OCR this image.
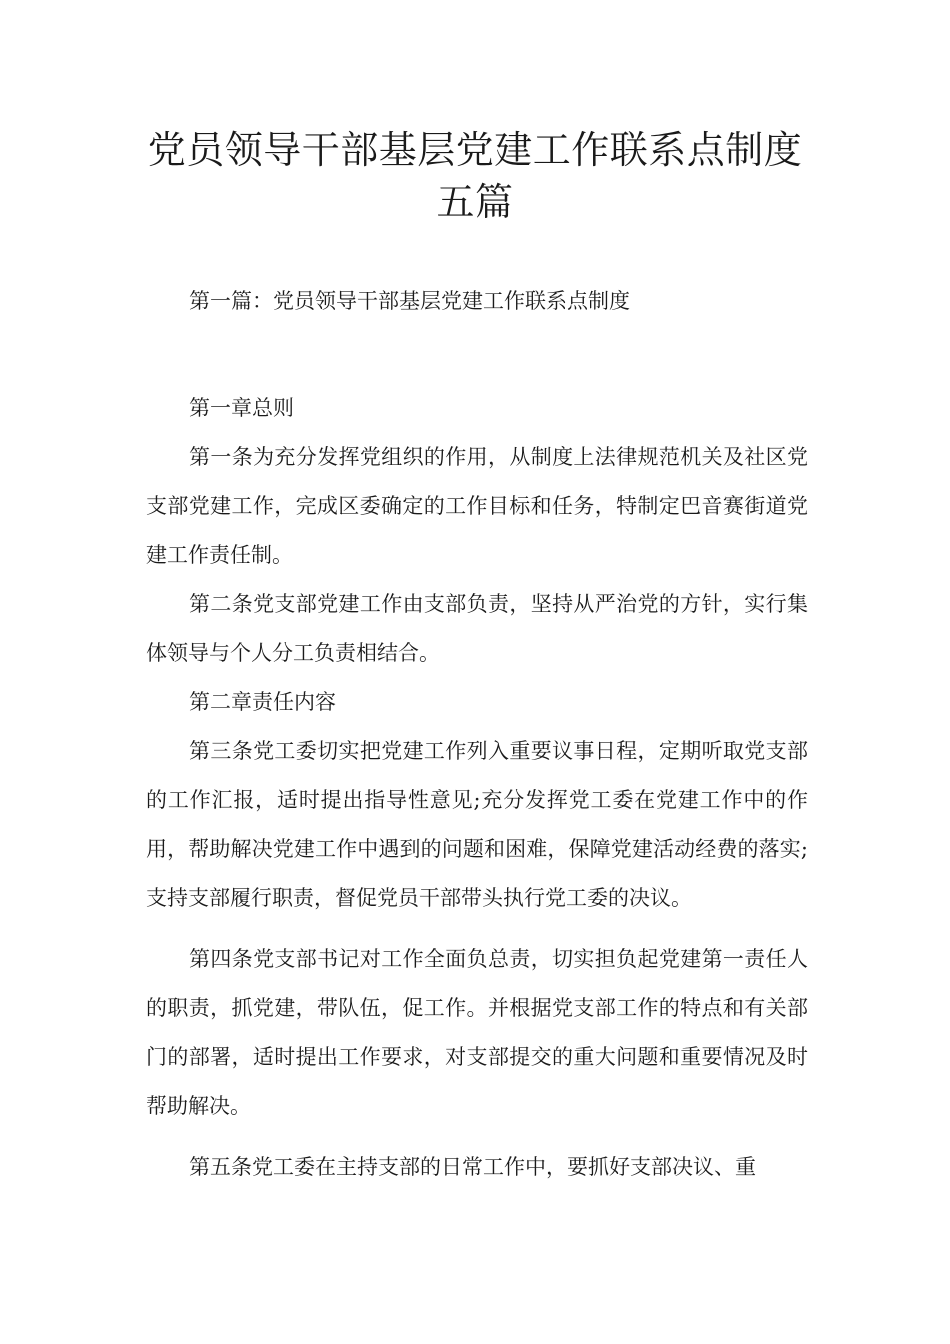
党员领导干部基层党建工作联系点制度
五篇
第一篇：党员领导干部基层党建工作联系点制度

第一章总则

第一条为充分发挥党组织的作用，从制度上法律规范机关及社区党支部党建工作，完成区委确定的工作目标和任务，特制定巴音赛街道党建工作责任制。

第二条党支部党建工作由支部负责，坚持从严治党的方针，实行集体领导与个人分工负责相结合。

第二章责任内容

第三条党工委切实把党建工作列入重要议事日程，定期听取党支部的工作汇报，适时提出指导性意见;充分发挥党工委在党建工作中的作用，帮助解决党建工作中遇到的问题和困难，保障党建活动经费的落实;支持支部履行职责，督促党员干部带头执行党工委的决议。

第四条党支部书记对工作全面负总责，切实担负起党建第一责任人的职责，抓党建，带队伍，促工作。并根据党支部工作的特点和有关部门的部署，适时提出工作要求，对支部提交的重大问题和重要情况及时帮助解决。

第五条党工委在主持支部的日常工作中，要抓好支部决议、重
